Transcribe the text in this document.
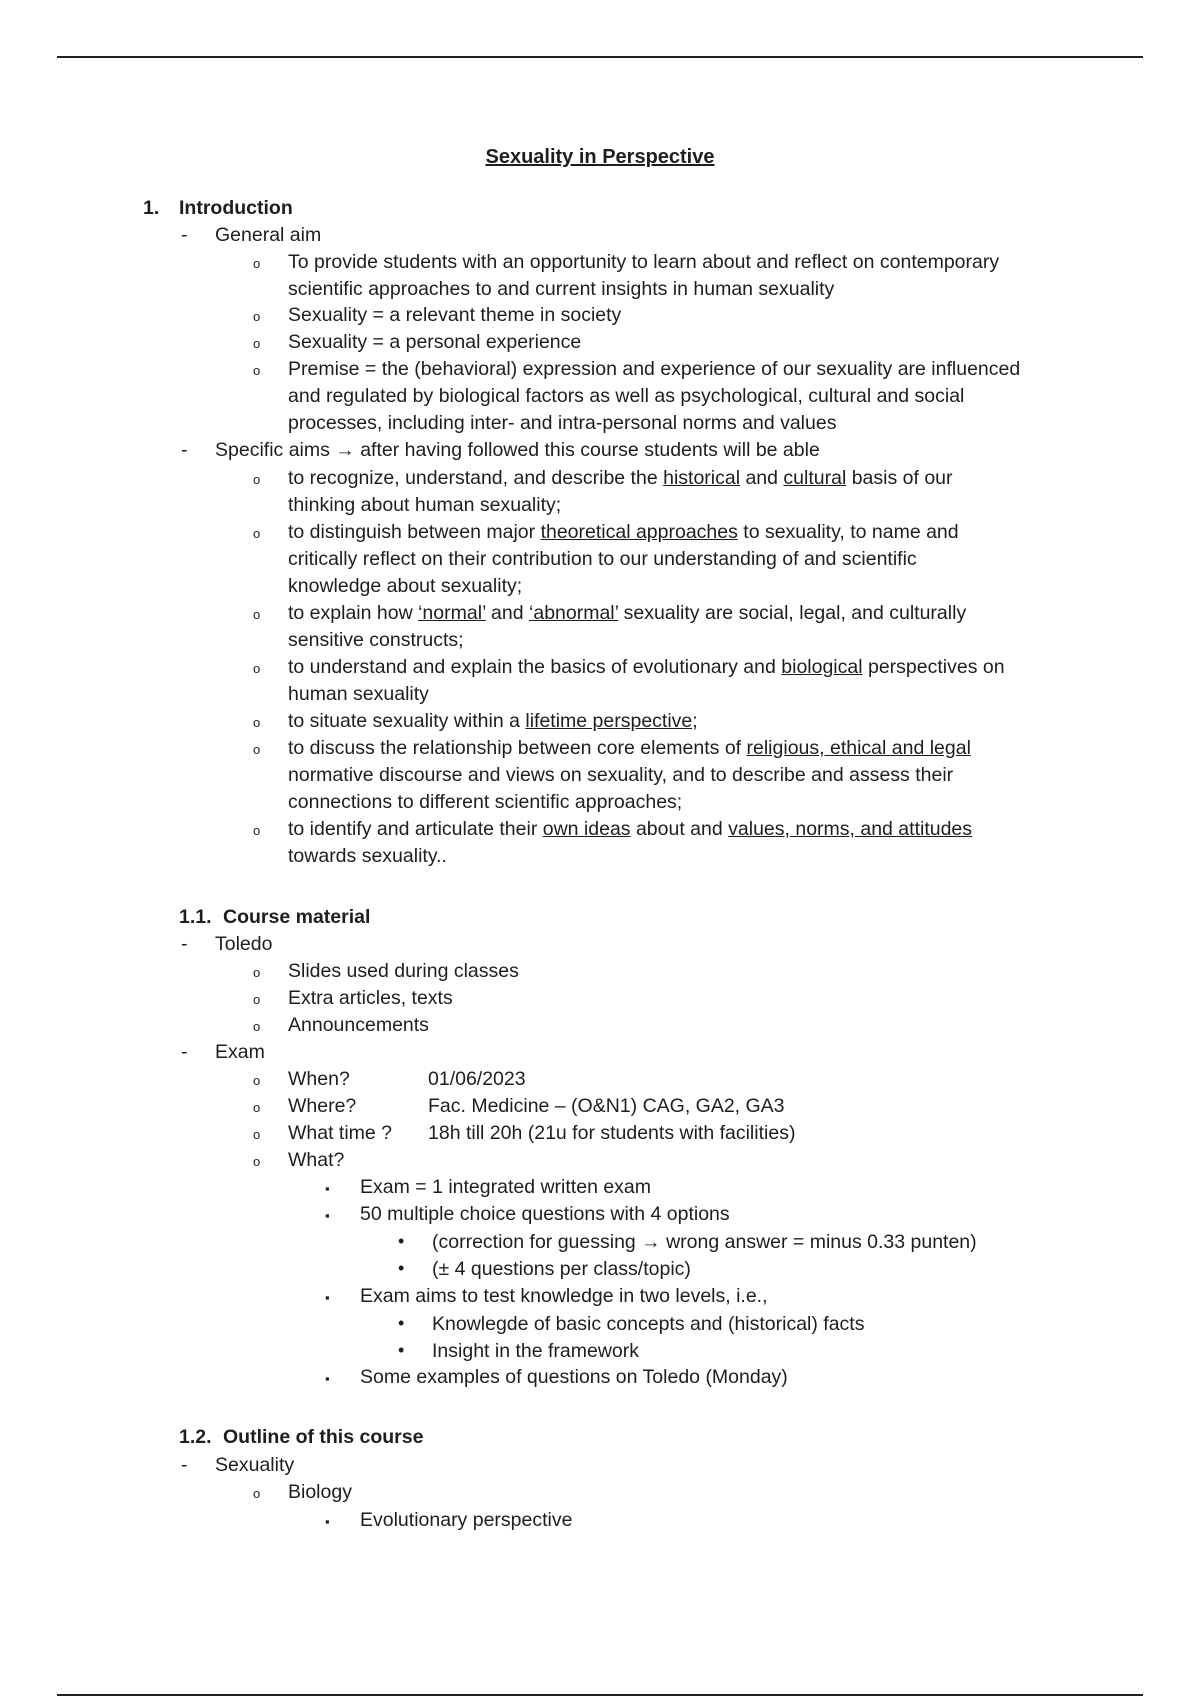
Sexuality in Perspective
1. Introduction
- General aim
o To provide students with an opportunity to learn about and reflect on contemporary
scientific approaches to and current insights in human sexuality
o Sexuality = a relevant theme in society
o Sexuality = a personal experience
o Premise = the (behavioral) expression and experience of our sexuality are influenced
and regulated by biological factors as well as psychological, cultural and social
processes, including inter- and intra-personal norms and values
- Specific aims → after having followed this course students will be able
o to recognize, understand, and describe the historical and cultural basis of our
thinking about human sexuality;
o to distinguish between major theoretical approaches to sexuality, to name and
critically reflect on their contribution to our understanding of and scientific
knowledge about sexuality;
o to explain how ‘normal’ and ‘abnormal’ sexuality are social, legal, and culturally
sensitive constructs;
o to understand and explain the basics of evolutionary and biological perspectives on
human sexuality
o to situate sexuality within a lifetime perspective;
o to discuss the relationship between core elements of religious, ethical and legal
normative discourse and views on sexuality, and to describe and assess their
connections to different scientific approaches;
o to identify and articulate their own ideas about and values, norms, and attitudes
towards sexuality..
1.1. Course material
- Toledo
o Slides used during classes
o Extra articles, texts
o Announcements
- Exam
o When?	01/06/2023
o Where?	Fac. Medicine – (O&N1) CAG, GA2, GA3
o What time ? 18h till 20h (21u for students with facilities)
o What?
▪ Exam = 1 integrated written exam
▪ 50 multiple choice questions with 4 options
• (correction for guessing → wrong answer = minus 0.33 punten)
• (± 4 questions per class/topic)
▪ Exam aims to test knowledge in two levels, i.e.,
• Knowlegde of basic concepts and (historical) facts
• Insight in the framework
▪ Some examples of questions on Toledo (Monday)
1.2. Outline of this course
- Sexuality
o Biology
▪ Evolutionary perspective
